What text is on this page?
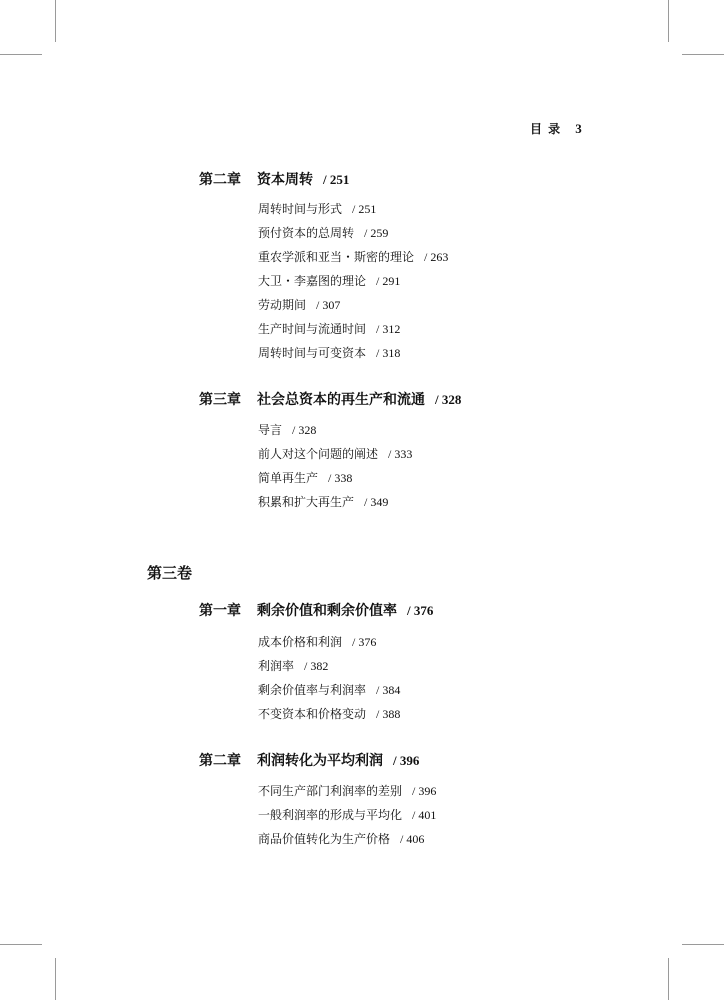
目 录 3
第二章 资本周转 / 251
周转时间与形式 / 251
预付资本的总周转 / 259
重农学派和亚当・斯密的理论 / 263
大卫・李嘉图的理论 / 291
劳动期间 / 307
生产时间与流通时间 / 312
周转时间与可变资本 / 318
第三章 社会总资本的再生产和流通 / 328
导言 / 328
前人对这个问题的阐述 / 333
简单再生产 / 338
积累和扩大再生产 / 349
第三卷
第一章 剩余价值和剩余价值率 / 376
成本价格和利润 / 376
利润率 / 382
剩余价值率与利润率 / 384
不变资本和价格变动 / 388
第二章 利润转化为平均利润 / 396
不同生产部门利润率的差别 / 396
一般利润率的形成与平均化 / 401
商品价值转化为生产价格 / 406
